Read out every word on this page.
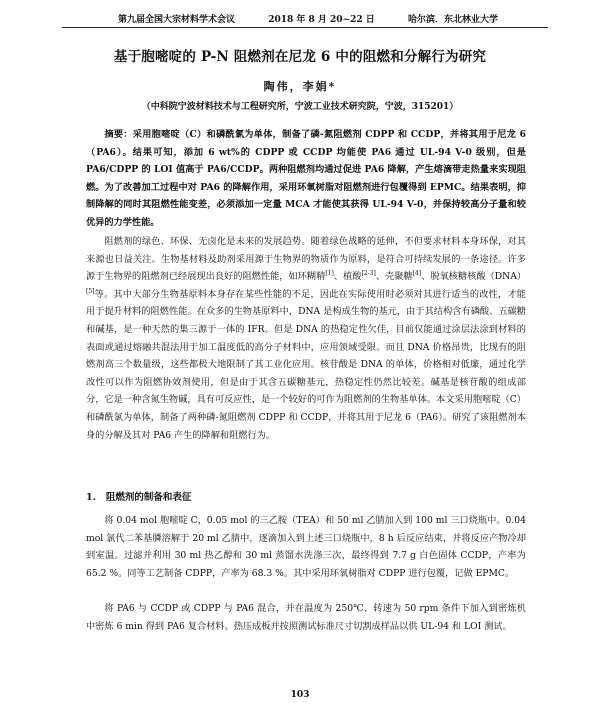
第九届全国大宗材料学术会议	2018 年 8 月 20~22 日	哈尔滨．东北林业大学
基于胞嘧啶的 P-N 阻燃剂在尼龙 6 中的阻燃和分解行为研究
陶伟，李娟*
（中科院宁波材料技术与工程研究所，宁波工业技术研究院，宁波，315201）

摘要：采用胞嘧啶（C）和磷酰氯为单体，制备了磷-氮阻燃剂 CDPP 和 CCDP，并将其用于尼龙 6（PA6）。结果可知，添加 6 wt%的 CDPP 或 CCDP 均能使 PA6 通过 UL-94 V-0 级别，但是 PA6/CDPP 的 LOI 值高于 PA6/CCDP。两种阻燃剂均通过促进 PA6 降解，产生熔滴带走热量来实现阻燃。为了改善加工过程中对 PA6 的降解作用，采用环氧树脂对阻燃剂进行包覆得到 EPMC。结果表明，抑制降解的同时其阻燃性能变差，必须添加一定量 MCA 才能使其获得 UL-94 V-0，并保持较高分子量和较优异的力学性能。

阻燃剂的绿色、环保、无卤化是未来的发展趋势。随着绿色战略的延伸，不但要求材料本身环保，对其来源也日益关注。生物基材料及助剂采用源于生物界的物质作为原料，是符合可持续发展的一条途径。许多源于生物界的阻燃剂已经展现出良好的阻燃性能，如环糊精[1]、植酸[2-3]、壳聚糖[4]、脱氧核糖核酸（DNA）[5]等。其中大部分生物基原料本身存在某些性能的不足，因此在实际使用时必须对其进行适当的改性，才能用于提升材料的阻燃性能。在众多的生物基原料中，DNA 是构成生物的基元，由于其结构含有磷酸、五碳糖和碱基，是一种天然的集三源于一体的 IFR。但是 DNA 的热稳定性欠佳，目前仅能通过涂层法涂到材料的表面或通过熔融共混法用于加工温度低的高分子材料中，应用领域受限。而且 DNA 价格昂贵，比现有的阻燃剂高三个数量级，这些都极大地限制了其工业化应用。核苷酸是 DNA 的单体，价格相对低廉，通过化学改性可以作为阻燃协效剂使用，但是由于其含五碳糖基元，热稳定性仍然比较差。碱基是核苷酸的组成部分，它是一种含氮生物碱，具有可反应性，是一个较好的可作为阻燃剂的生物基单体。本文采用胞嘧啶（C）和磷酰氯为单体，制备了两种磷-氮阻燃剂 CDPP 和 CCDP，并将其用于尼龙 6（PA6）。研究了该阻燃剂本身的分解及其对 PA6 产生的降解和阻燃行为。

1. 阻燃剂的制备和表征

将 0.04 mol 胞嘧啶 C，0.05 mol 的三乙胺（TEA）和 50 ml 乙腈加入到 100 ml 三口烧瓶中。0.04 mol 氯代二苯基膦溶解于 20 ml 乙腈中，逐滴加入到上述三口烧瓶中，8 h 后反应结束，并将反应产物冷却到室温。过滤并利用 30 ml 热乙醇和 30 ml 蒸馏水洗涤三次，最终得到 7.7 g 白色固体 CCDP，产率为 65.2 %。同等工艺制备 CDPP，产率为 68.3 %。其中采用环氧树脂对 CDPP 进行包覆，记做 EPMC。

将 PA6 与 CCDP 或 CDPP 与 PA6 混合，并在温度为 250℃、转速为 50 rpm 条件下加入到密炼机中密炼 6 min 得到 PA6 复合材料。热压成板并按照测试标准尺寸切割成样品以供 UL-94 和 LOI 测试。

103
